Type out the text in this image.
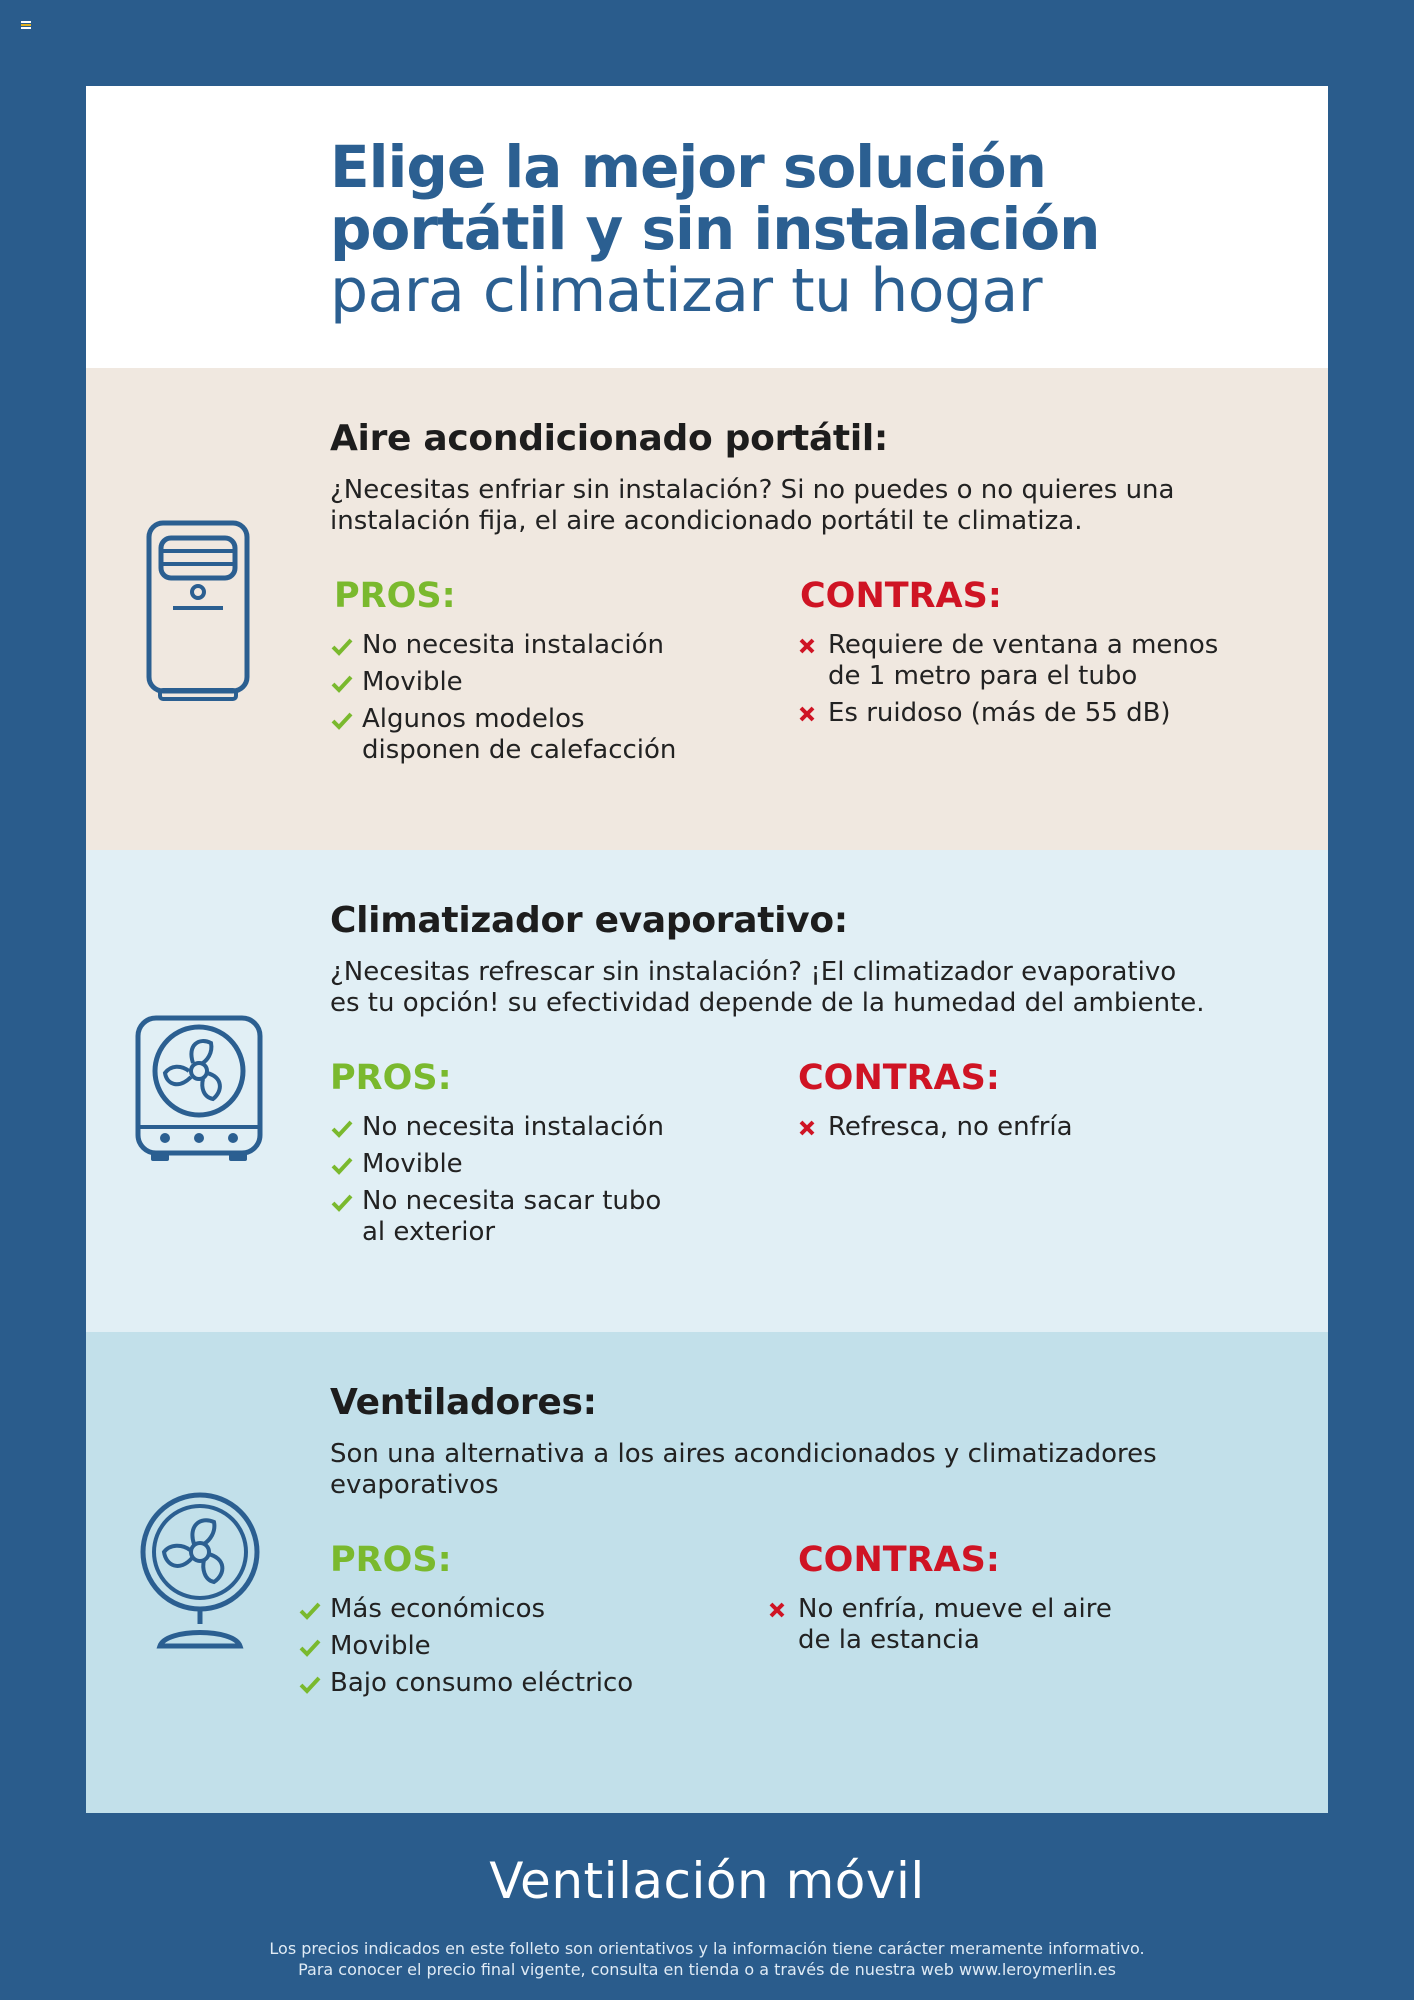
Elige la mejor solución
portátil y sin instalación
para climatizar tu hogar
Aire acondicionado portátil:
¿Necesitas enfriar sin instalación? Si no puedes o no quieres una instalación fija, el aire acondicionado portátil te climatiza.
PROS:	CONTRAS:
No necesita instalación
Movible
Algunos modelos disponen de calefacción
Requiere de ventana a menos de 1 metro para el tubo
Es ruidoso (más de 55 dB)
Climatizador evaporativo:
¿Necesitas refrescar sin instalación? ¡El climatizador evaporativo es tu opción! su efectividad depende de la humedad del ambiente.
PROS:	CONTRAS:
No necesita instalación
Movible
No necesita sacar tubo al exterior
Refresca, no enfría
Ventiladores:
Son una alternativa a los aires acondicionados y climatizadores evaporativos
PROS:	CONTRAS:
Más económicos
Movible
Bajo consumo eléctrico
No enfría, mueve el aire de la estancia
Ventilación móvil
Los precios indicados en este folleto son orientativos y la información tiene carácter meramente informativo.
Para conocer el precio final vigente, consulta en tienda o a través de nuestra web www.leroymerlin.es
